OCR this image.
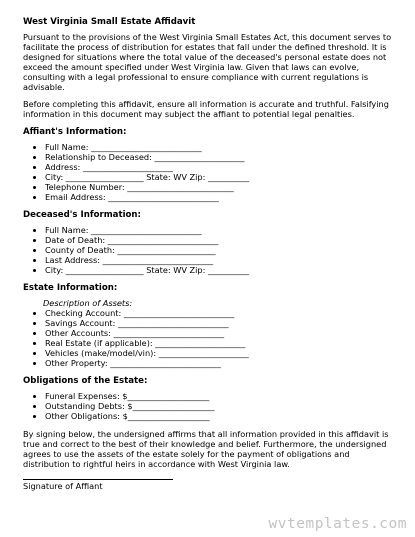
West Virginia Small Estate Affidavit

Pursuant to the provisions of the West Virginia Small Estates Act, this document serves to facilitate the process of distribution for estates that fall under the defined threshold. It is designed for situations where the total value of the deceased's personal estate does not exceed the amount specified under West Virginia law. Given that laws can evolve, consulting with a legal professional to ensure compliance with current regulations is advisable.

Before completing this affidavit, ensure all information is accurate and truthful. Falsifying information in this document may subject the affiant to potential legal penalties.

Affiant's Information:
• Full Name: ___________________________
• Relationship to Deceased: ______________________
• Address: ______________________
• City: ___________________ State: WV Zip: __________
• Telephone Number: __________________________
• Email Address: ___________________________
Deceased's Information:
• Full Name: ___________________________
• Date of Death: ___________________________
• County of Death: ________________________
• Last Address: ___________________________
• City: ___________________ State: WV Zip: __________
Estate Information:
Description of Assets:
• Checking Account: ___________________________
• Savings Account: ___________________________
• Other Accounts: ___________________________
• Real Estate (if applicable): ______________________
• Vehicles (make/model/vin): ______________________
• Other Property: ___________________________
Obligations of the Estate:
• Funeral Expenses: $____________________
• Outstanding Debts: $____________________
• Other Obligations: $____________________

By signing below, the undersigned affirms that all information provided in this affidavit is true and correct to the best of their knowledge and belief. Furthermore, the undersigned agrees to use the assets of the estate solely for the payment of obligations and distribution to rightful heirs in accordance with West Virginia law.

Signature of Affiant
wvtemplates.com
